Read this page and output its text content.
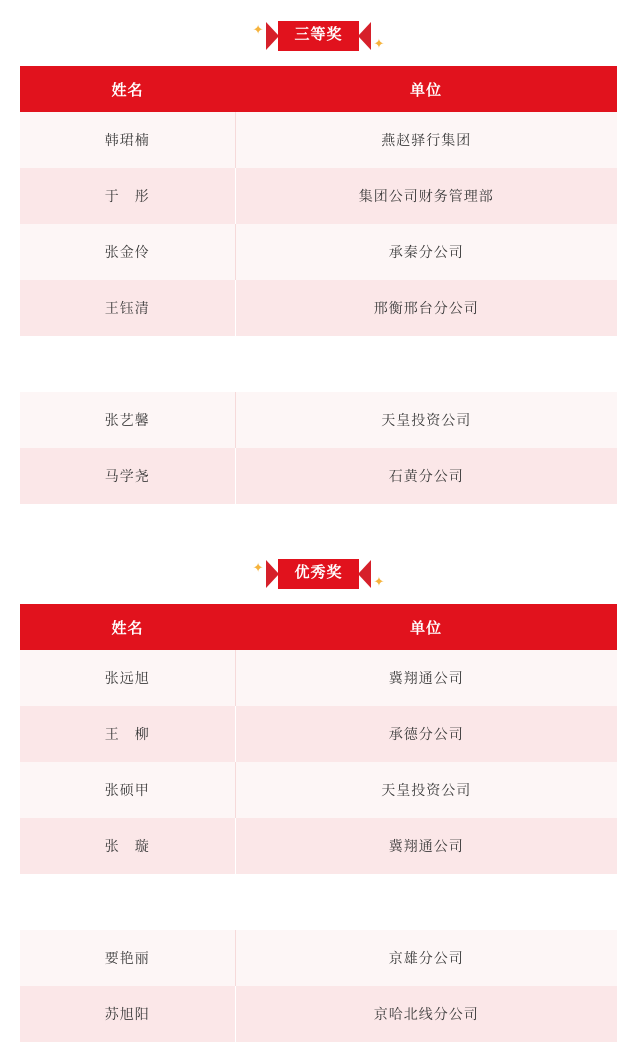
✦	三等奖	✦
姓名	单位
韩珺楠	燕赵驿行集团
于　彤	集团公司财务管理部
张金伶	承秦分公司
王钰清	邢衡邢台分公司

张艺馨	天皇投资公司
马学尧	石黄分公司
✦	优秀奖	✦
姓名	单位
张远旭	冀翔通公司
王　柳	承德分公司
张硕甲	天皇投资公司
张　璇	冀翔通公司

要艳丽	京雄分公司
苏旭阳	京哈北线分公司
